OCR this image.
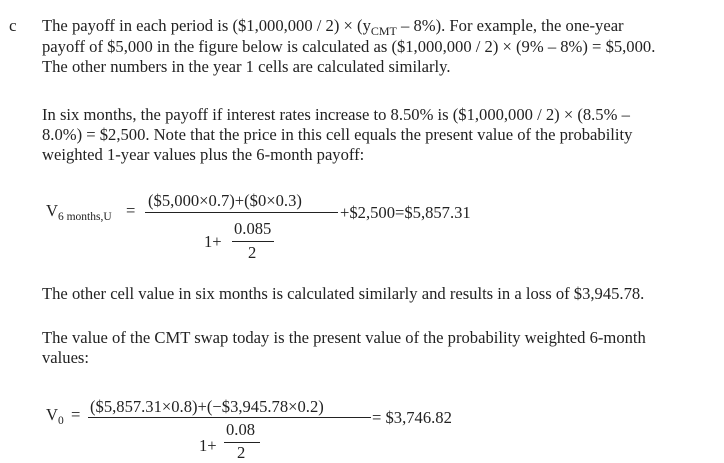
c The payoff in each period is ($1,000,000 / $2) \times (y_{CMT} - 8\%)$. For example, the one-year
payoff of $5,000 in the figure below is calculated as ($1,000,000 / 2) × (9% – 8%) = $5,000.
The other numbers in the year 1 cells are calculated similarly.
In six months, the payoff if interest rates increase to 8.50% is ($1,000,000 / 2) × (8.5% –
8.0%) = $2,500. Note that the price in this cell equals the present value of the probability
weighted 1-year values plus the 6-month payoff:
$V_{6 months,U}$ =
($5,000×0.7)+($0×0.3)
1+
0.085
2
+$2,500=$5,857.31
The other cell value in six months is calculated similarly and results in a loss of $3,945.78.
The value of the CMT swap today is the present value of the probability weighted 6-month
values:
$V_0$ = ($5,857.31×0.8)+(−$3,945.78×0.2)
1+
0.08
2
= $3,746.82
